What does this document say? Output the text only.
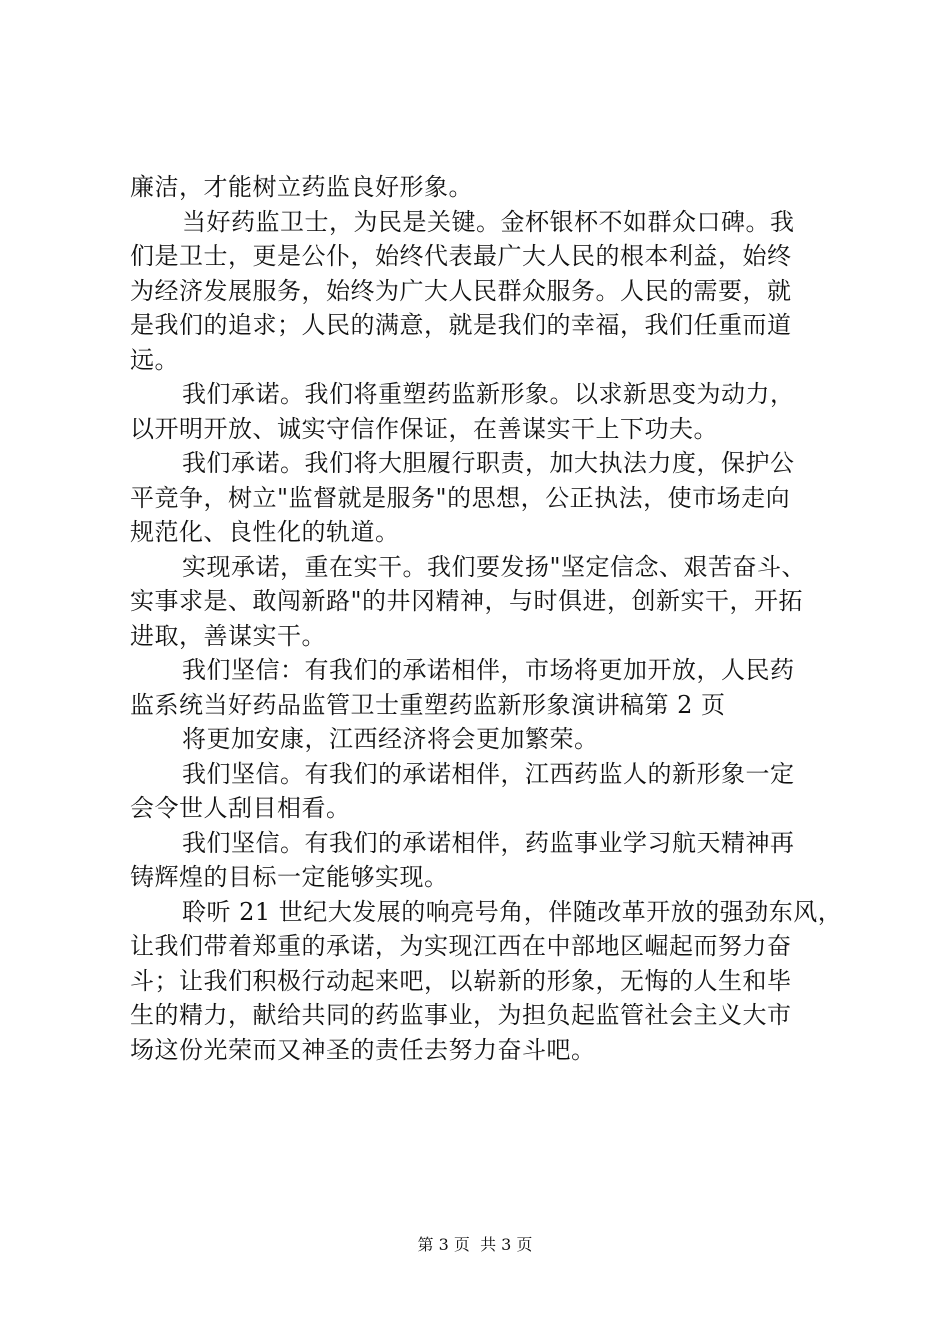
廉洁，才能树立药监良好形象。
当好药监卫士，为民是关键。金杯银杯不如群众口碑。我
们是卫士，更是公仆，始终代表最广大人民的根本利益，始终
为经济发展服务，始终为广大人民群众服务。人民的需要，就
是我们的追求；人民的满意，就是我们的幸福，我们任重而道
远。
我们承诺。我们将重塑药监新形象。以求新思变为动力，
以开明开放、诚实守信作保证，在善谋实干上下功夫。
我们承诺。我们将大胆履行职责，加大执法力度，保护公
平竞争，树立"监督就是服务"的思想，公正执法，使市场走向
规范化、良性化的轨道。
实现承诺，重在实干。我们要发扬"坚定信念、艰苦奋斗、
实事求是、敢闯新路"的井冈精神，与时俱进，创新实干，开拓
进取，善谋实干。
我们坚信：有我们的承诺相伴，市场将更加开放，人民药
监系统当好药品监管卫士重塑药监新形象演讲稿第 2 页
将更加安康，江西经济将会更加繁荣。
我们坚信。有我们的承诺相伴，江西药监人的新形象一定
会令世人刮目相看。
我们坚信。有我们的承诺相伴，药监事业学习航天精神再
铸辉煌的目标一定能够实现。
聆听 21 世纪大发展的响亮号角，伴随改革开放的强劲东风，
让我们带着郑重的承诺，为实现江西在中部地区崛起而努力奋
斗；让我们积极行动起来吧，以崭新的形象，无悔的人生和毕
生的精力，献给共同的药监事业，为担负起监管社会主义大市
场这份光荣而又神圣的责任去努力奋斗吧。
第 3 页  共 3 页
